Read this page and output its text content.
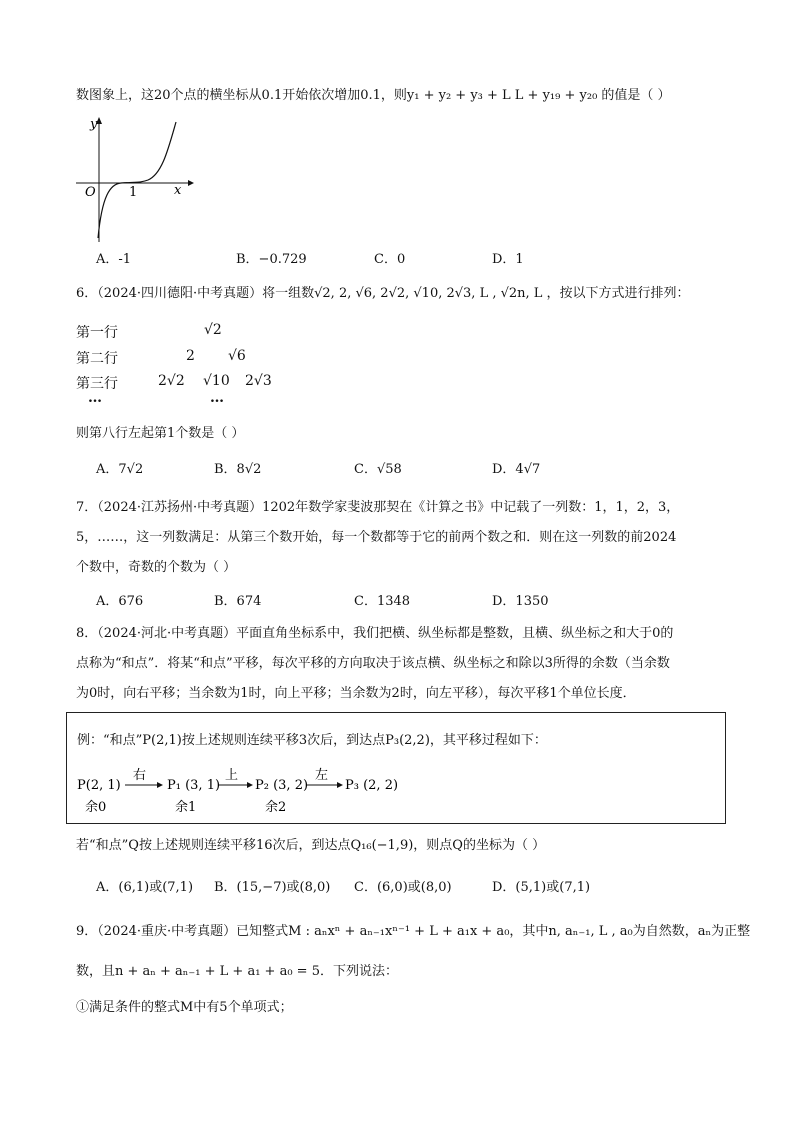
数图象上，这20个点的横坐标从0.1开始依次增加0.1，则y₁ + y₂ + y₃ + L L + y₁₉ + y₂₀ 的值是（ ）
y
x
O	1
A．-1	B．−0.729	C．0	D．1
6．（2024·四川德阳·中考真题）将一组数√2, 2, √6, 2√2, √10, 2√3, L , √2n, L ，按以下方式进行排列：
第一行	√2
第二行	2 √6
第三行	2√2 √10 2√3
…	…
则第八行左起第1个数是（ ）
A．7√2	B．8√2	C．√58	D．4√7
7．（2024·江苏扬州·中考真题）1202年数学家斐波那契在《计算之书》中记载了一列数：1，1，2，3，
5，……，这一列数满足：从第三个数开始，每一个数都等于它的前两个数之和．则在这一列数的前2024
个数中，奇数的个数为（ ）
A．676	B．674	C．1348	D．1350
8．（2024·河北·中考真题）平面直角坐标系中，我们把横、纵坐标都是整数，且横、纵坐标之和大于0的
点称为“和点”．将某“和点”平移，每次平移的方向取决于该点横、纵坐标之和除以3所得的余数（当余数
为0时，向右平移；当余数为1时，向上平移；当余数为2时，向左平移），每次平移1个单位长度．
例：“和点”P(2,1)按上述规则连续平移3次后，到达点P₃(2,2)，其平移过程如下：
P(2, 1)
余0
右
P₁ (3, 1)
余1
上
P₂ (3, 2)
余2
左
P₃ (2, 2)
若“和点”Q按上述规则连续平移16次后，到达点Q₁₆(−1,9)，则点Q的坐标为（ ）
A．(6,1)或(7,1) B．(15,−7)或(8,0) C．(6,0)或(8,0)	D．(5,1)或(7,1)
9．（2024·重庆·中考真题）已知整式M : aₙxⁿ + aₙ₋₁xⁿ⁻¹ + L + a₁x + a₀，其中n, aₙ₋₁, L , a₀为自然数，aₙ为正整
数，且n + aₙ + aₙ₋₁ + L + a₁ + a₀ = 5．下列说法：
①满足条件的整式M中有5个单项式；
